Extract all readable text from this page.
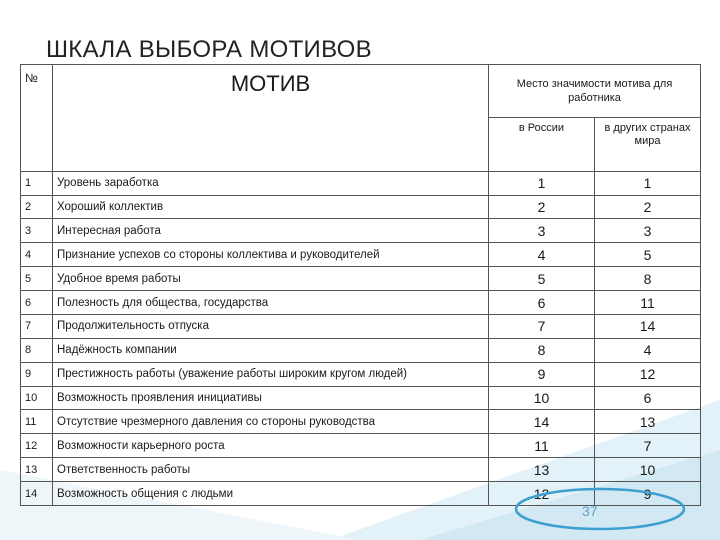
ШКАЛА ВЫБОРА МОТИВОВ
№	МОТИВ	Место значимости мотива для работника	
		в России	в других странах мира
1	Уровень заработка	1	1
2	Хороший коллектив	2	2
3	Интересная работа	3	3
4	Признание успехов со стороны коллектива и руководителей	4	5
5	Удобное время работы	5	8
6	Полезность для общества, государства	6	11
7	Продолжительность отпуска	7	14
8	Надёжность компании	8	4
9	Престижность работы (уважение работы широким кругом людей)	9	12
10	Возможность проявления инициативы	10	6
11	Отсутствие чрезмерного давления со стороны руководства	14	13
12	Возможности карьерного роста	11	7
13	Ответственность работы	13	10
14	Возможность общения с людьми	12	9
37
